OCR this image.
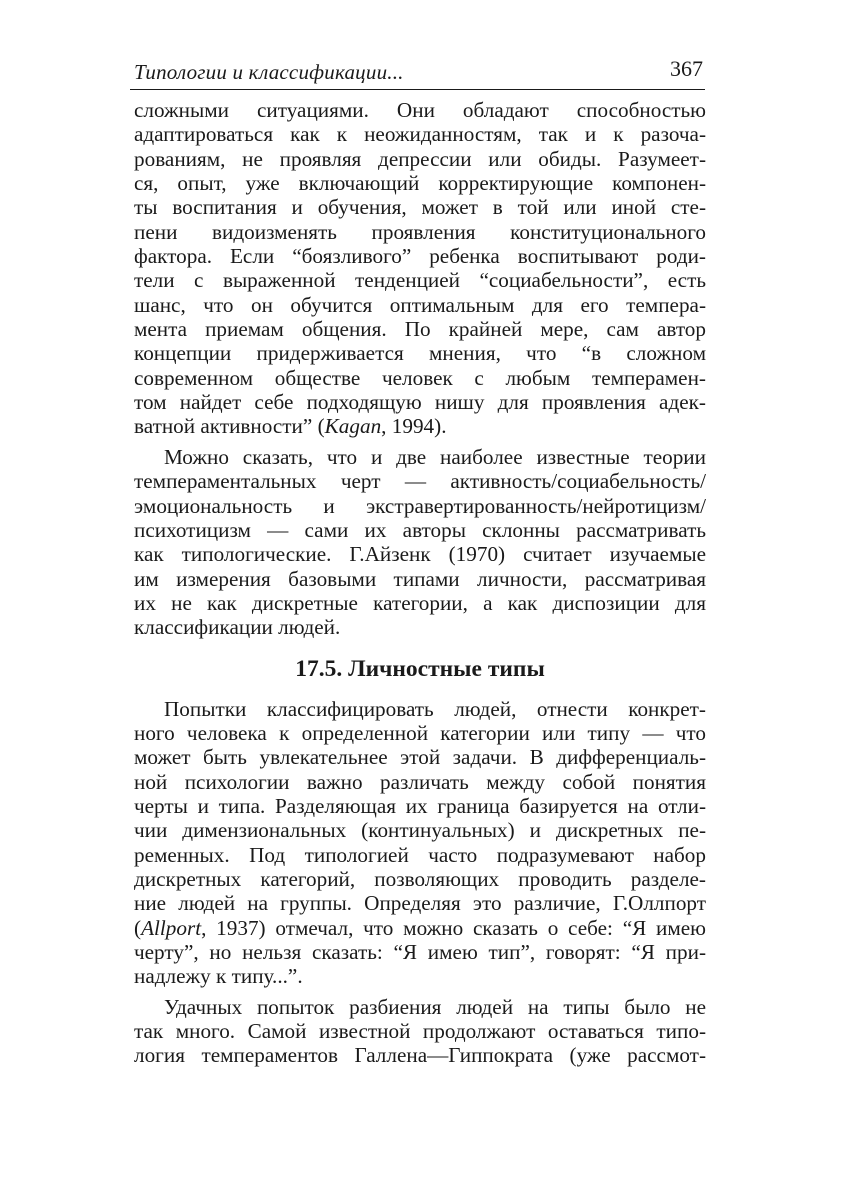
Типологии и классификации...	367
сложными ситуациями. Они обладают способностью
адаптироваться как к неожиданностям, так и к разоча-
рованиям, не проявляя депрессии или обиды. Разумеет-
ся, опыт, уже включающий корректирующие компонен-
ты воспитания и обучения, может в той или иной сте-
пени видоизменять проявления конституционального
фактора. Если “боязливого” ребенка воспитывают роди-
тели с выраженной тенденцией “социабельности”, есть
шанс, что он обучится оптимальным для его темпера-
мента приемам общения. По крайней мере, сам автор
концепции придерживается мнения, что “в сложном
современном обществе человек с любым темперамен-
том найдет себе подходящую нишу для проявления адек-
ватной активности” (Kagan, 1994).
Можно сказать, что и две наиболее известные теории
темпераментальных черт — активность/социабельность/
эмоциональность и экстравертированность/нейротицизм/
психотицизм — сами их авторы склонны рассматривать
как типологические. Г.Айзенк (1970) считает изучаемые
им измерения базовыми типами личности, рассматривая
их не как дискретные категории, а как диспозиции для
классификации людей.
17.5. Личностные типы
Попытки классифицировать людей, отнести конкрет-
ного человека к определенной категории или типу — что
может быть увлекательнее этой задачи. В дифференциаль-
ной психологии важно различать между собой понятия
черты и типа. Разделяющая их граница базируется на отли-
чии димензиональных (континуальных) и дискретных пе-
ременных. Под типологией часто подразумевают набор
дискретных категорий, позволяющих проводить разделе-
ние людей на группы. Определяя это различие, Г.Оллпорт
(Allport, 1937) отмечал, что можно сказать о себе: “Я имею
черту”, но нельзя сказать: “Я имею тип”, говорят: “Я при-
надлежу к типу...”.
Удачных попыток разбиения людей на типы было не
так много. Самой известной продолжают оставаться типо-
логия темпераментов Галлена—Гиппократа (уже рассмот-
